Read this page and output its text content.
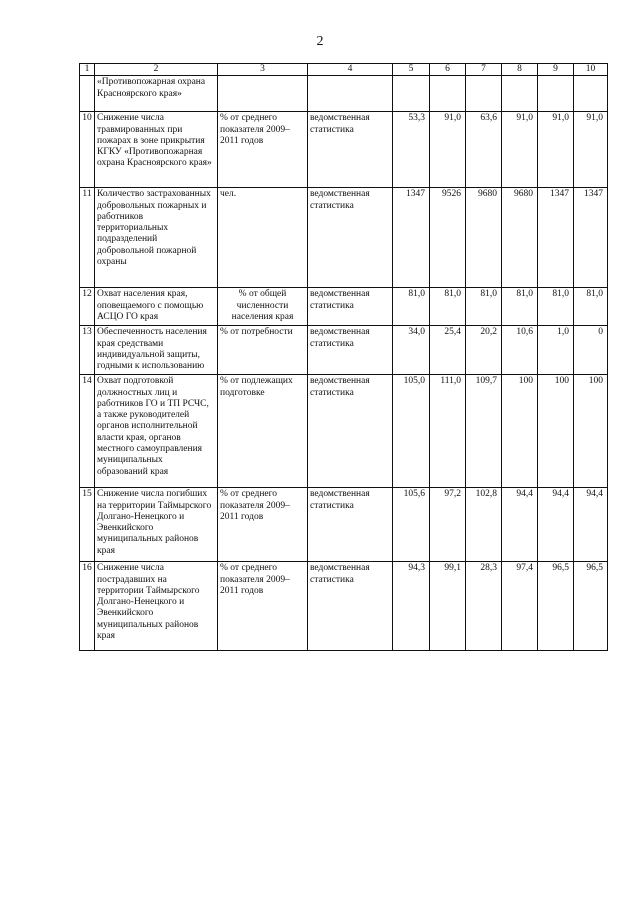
2
1	2	3	4	5	6	7	8	9	10
	«Противопожарная охрана Красноярского края»								
10	Снижение числа травмированных при пожарах в зоне прикрытия КГКУ «Противопожарная охрана Красноярского края»	% от среднего показателя 2009–2011 годов	ведомственная статистика	53,3	91,0	63,6	91,0	91,0	91,0
11	Количество застрахованных добровольных пожарных и работников территориальных подразделений добровольной пожарной охраны	чел.	ведомственная статистика	1347	9526	9680	9680	1347	1347
12	Охват населения края, оповещаемого с помощью АСЦО ГО края	% от общей численности населения края	ведомственная статистика	81,0	81,0	81,0	81,0	81,0	81,0
13	Обеспеченность населения края средствами индивидуальной защиты, годными к использованию	% от потребности	ведомственная статистика	34,0	25,4	20,2	10,6	1,0	0
14	Охват подготовкой должностных лиц и работников ГО и ТП РСЧС, а также руководителей органов исполнительной власти края, органов местного самоуправления муниципальных образований края	% от подлежащих подготовке	ведомственная статистика	105,0	111,0	109,7	100	100	100
15	Снижение числа погибших на территории Таймырского Долгано-Ненецкого и Эвенкийского муниципальных районов края	% от среднего показателя 2009–2011 годов	ведомственная статистика	105,6	97,2	102,8	94,4	94,4	94,4
16	Снижение числа пострадавших на территории Таймырского Долгано-Ненецкого и Эвенкийского муниципальных районов края	% от среднего показателя 2009–2011 годов	ведомственная статистика	94,3	99,1	28,3	97,4	96,5	96,5
